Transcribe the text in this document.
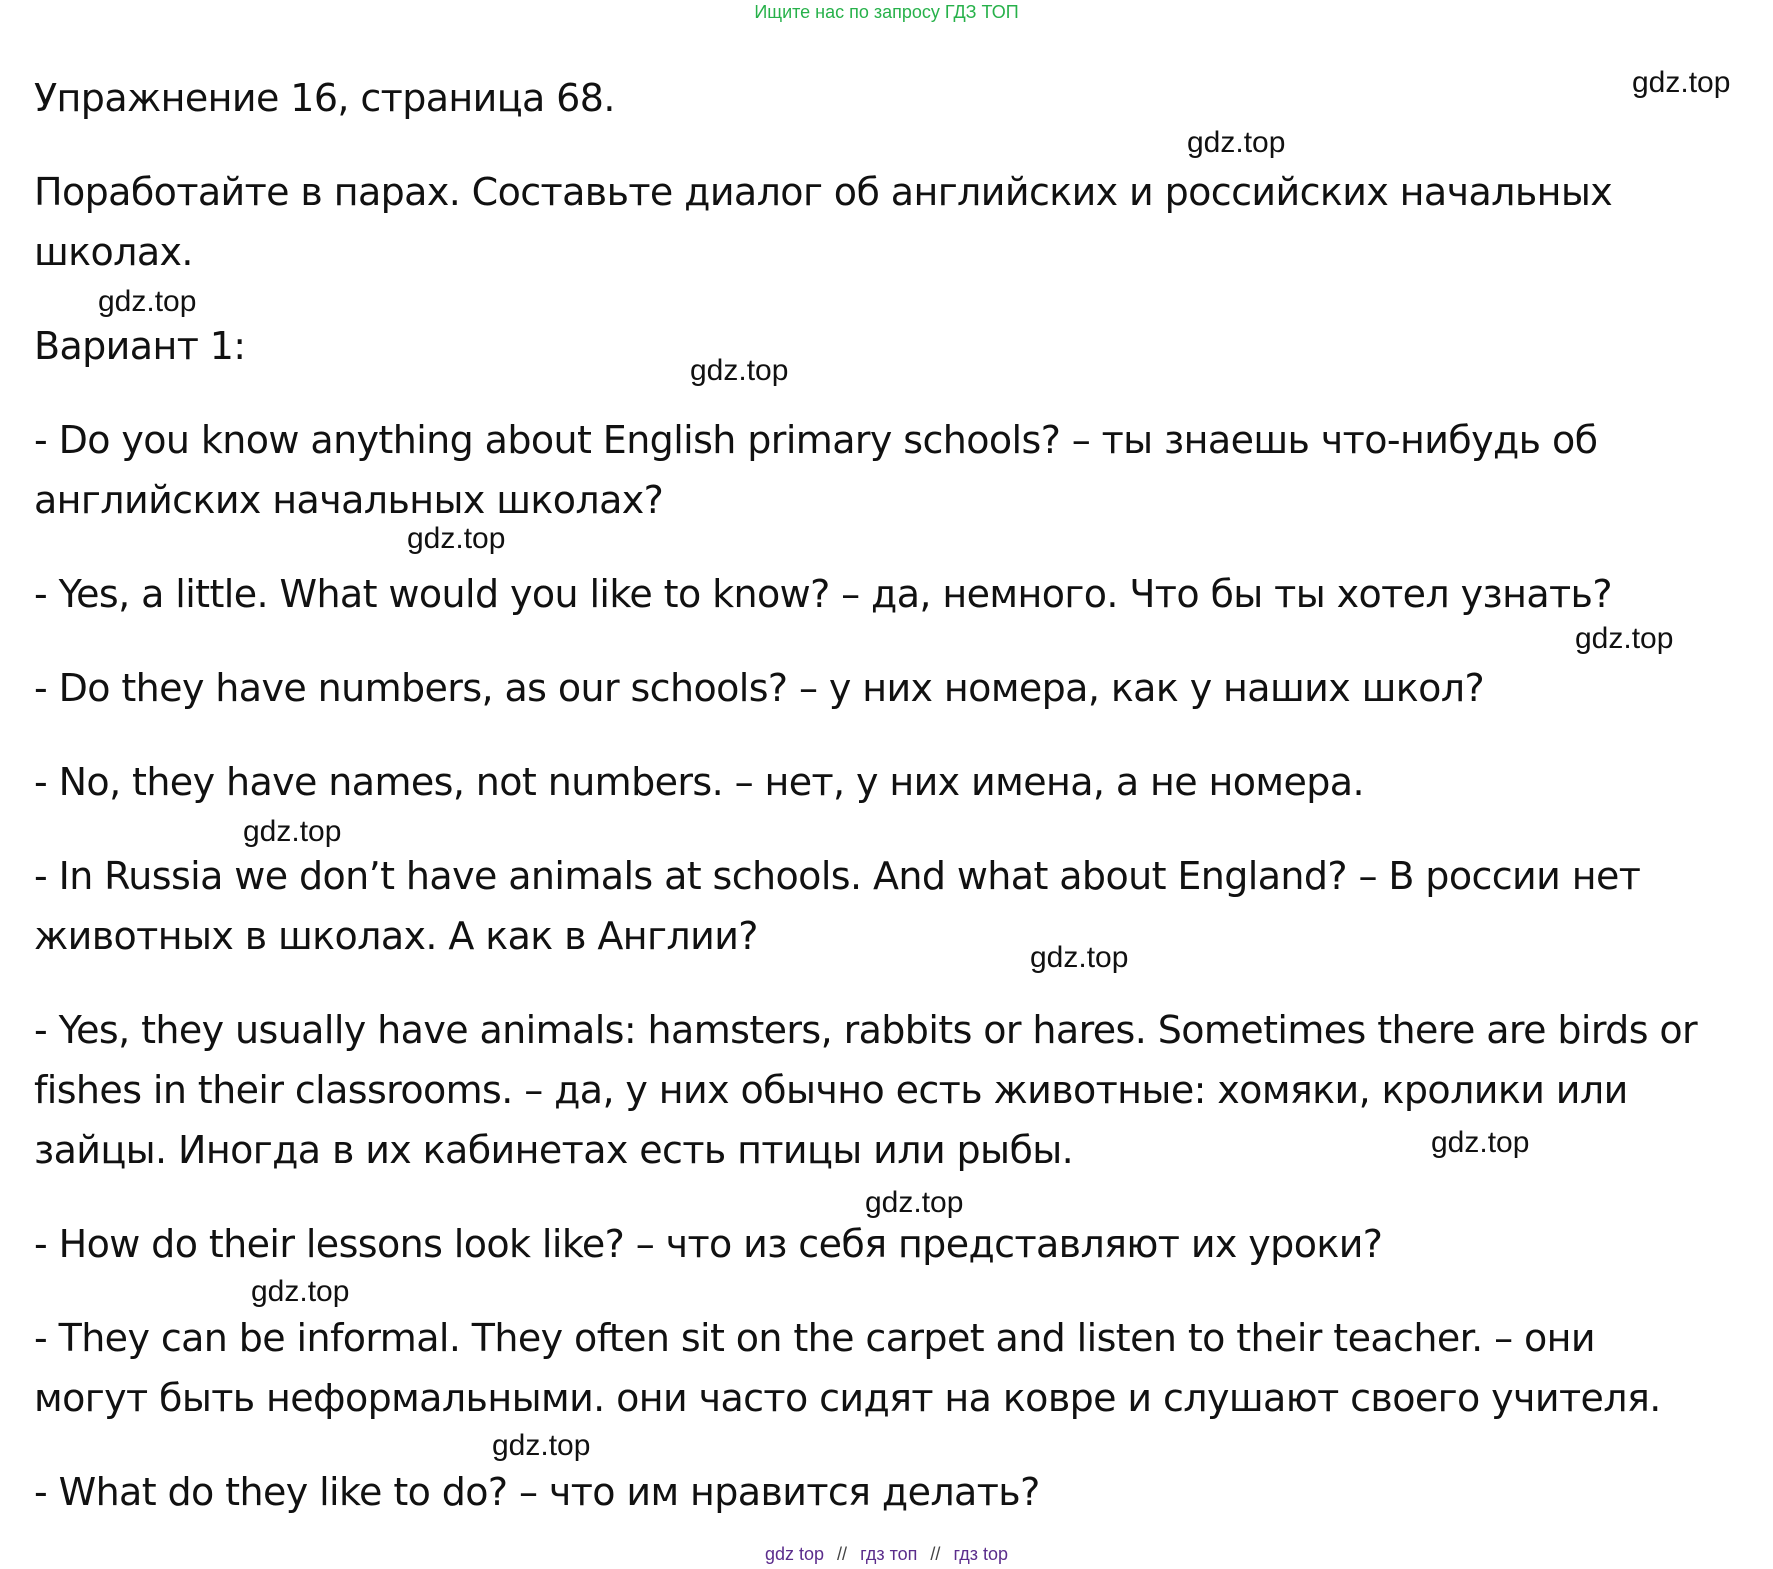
Ищите нас по запросу ГДЗ ТОП

Упражнение 16, страница 68.

Поработайте в парах. Составьте диалог об английских и российских начальных

школах.

Вариант 1:

- Do you know anything about English primary schools? – ты знаешь что-нибудь об

английских начальных школах?

- Yes, a little. What would you like to know? – да, немного. Что бы ты хотел узнать?

- Do they have numbers, as our schools? – у них номера, как у наших школ?

- No, they have names, not numbers. – нет, у них имена, а не номера.

- In Russia we don’t have animals at schools. And what about England? – В россии нет

животных в школах. А как в Англии?

- Yes, they usually have animals: hamsters, rabbits or hares. Sometimes there are birds or

fishes in their classrooms. – да, у них обычно есть животные: хомяки, кролики или

зайцы. Иногда в их кабинетах есть птицы или рыбы.

- How do their lessons look like? – что из себя представляют их уроки?

- They can be informal. They often sit on the carpet and listen to their teacher. – они

могут быть неформальными. они часто сидят на ковре и слушают своего учителя.

- What do they like to do? – что им нравится делать?

gdz.top
gdz.top
gdz.top
gdz.top
gdz.top
gdz.top
gdz.top
gdz.top
gdz.top
gdz.top
gdz.top
gdz.top
gdz top // гдз топ // гдз top
